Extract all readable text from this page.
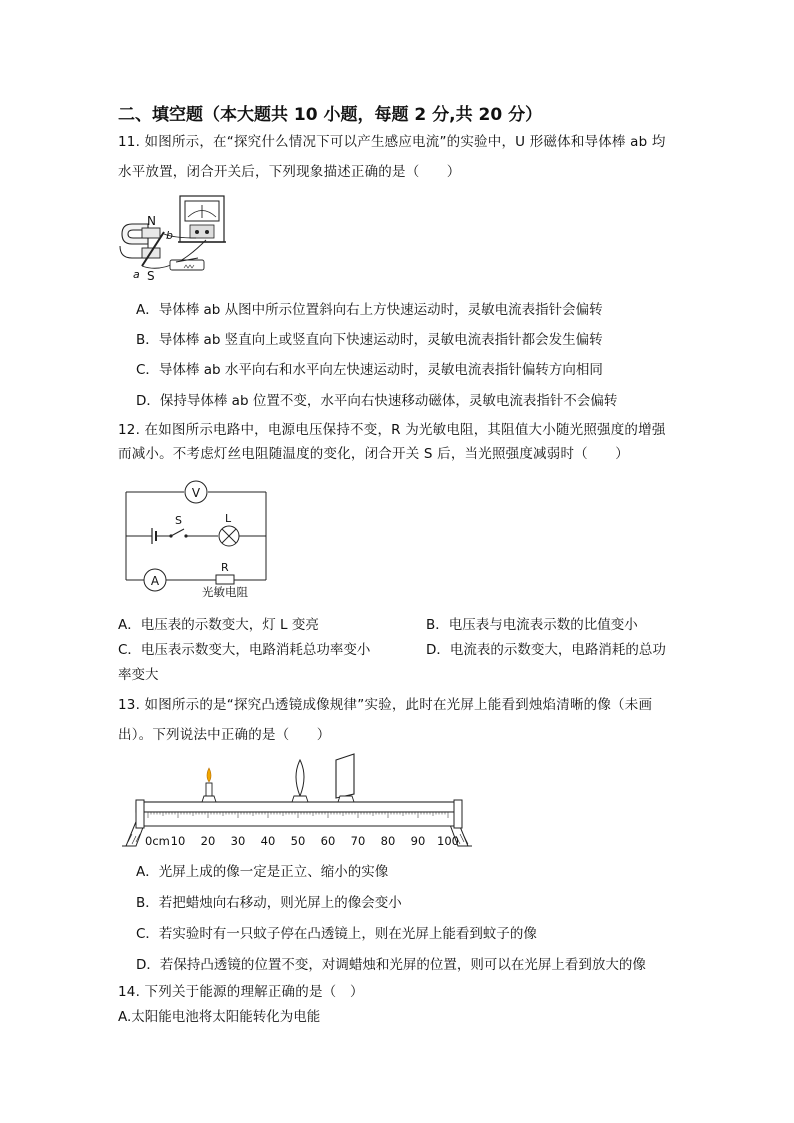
二、填空题（本大题共 10 小题，每题 2 分,共 20 分）
11. 如图所示，在“探究什么情况下可以产生感应电流”的实验中，U 形磁体和导体棒 ab 均
水平放置，闭合开关后，下列现象描述正确的是（　　）
N
S
a
b
A．导体棒 ab 从图中所示位置斜向右上方快速运动时，灵敏电流表指针会偏转
B．导体棒 ab 竖直向上或竖直向下快速运动时，灵敏电流表指针都会发生偏转
C．导体棒 ab 水平向右和水平向左快速运动时，灵敏电流表指针偏转方向相同
D．保持导体棒 ab 位置不变，水平向右快速移动磁体，灵敏电流表指针不会偏转
12. 在如图所示电路中，电源电压保持不变，R 为光敏电阻，其阻值大小随光照强度的增强
而减小。不考虑灯丝电阻随温度的变化，闭合开关 S 后，当光照强度减弱时（　　）
V
A
S	L
R
光敏电阻
A．电压表的示数变大，灯 L 变亮	B．电压表与电流表示数的比值变小
C．电压表示数变大，电路消耗总功率变小	D．电流表的示数变大，电路消耗的总功
率变大
13. 如图所示的是“探究凸透镜成像规律”实验，此时在光屏上能看到烛焰清晰的像（未画
出）。下列说法中正确的是（　　）
0cm 10 20 30 40 50 60 70 80 90 100
A．光屏上成的像一定是正立、缩小的实像
B．若把蜡烛向右移动，则光屏上的像会变小
C．若实验时有一只蚊子停在凸透镜上，则在光屏上能看到蚊子的像
D．若保持凸透镜的位置不变，对调蜡烛和光屏的位置，则可以在光屏上看到放大的像
14. 下列关于能源的理解正确的是（　）
A.太阳能电池将太阳能转化为电能
